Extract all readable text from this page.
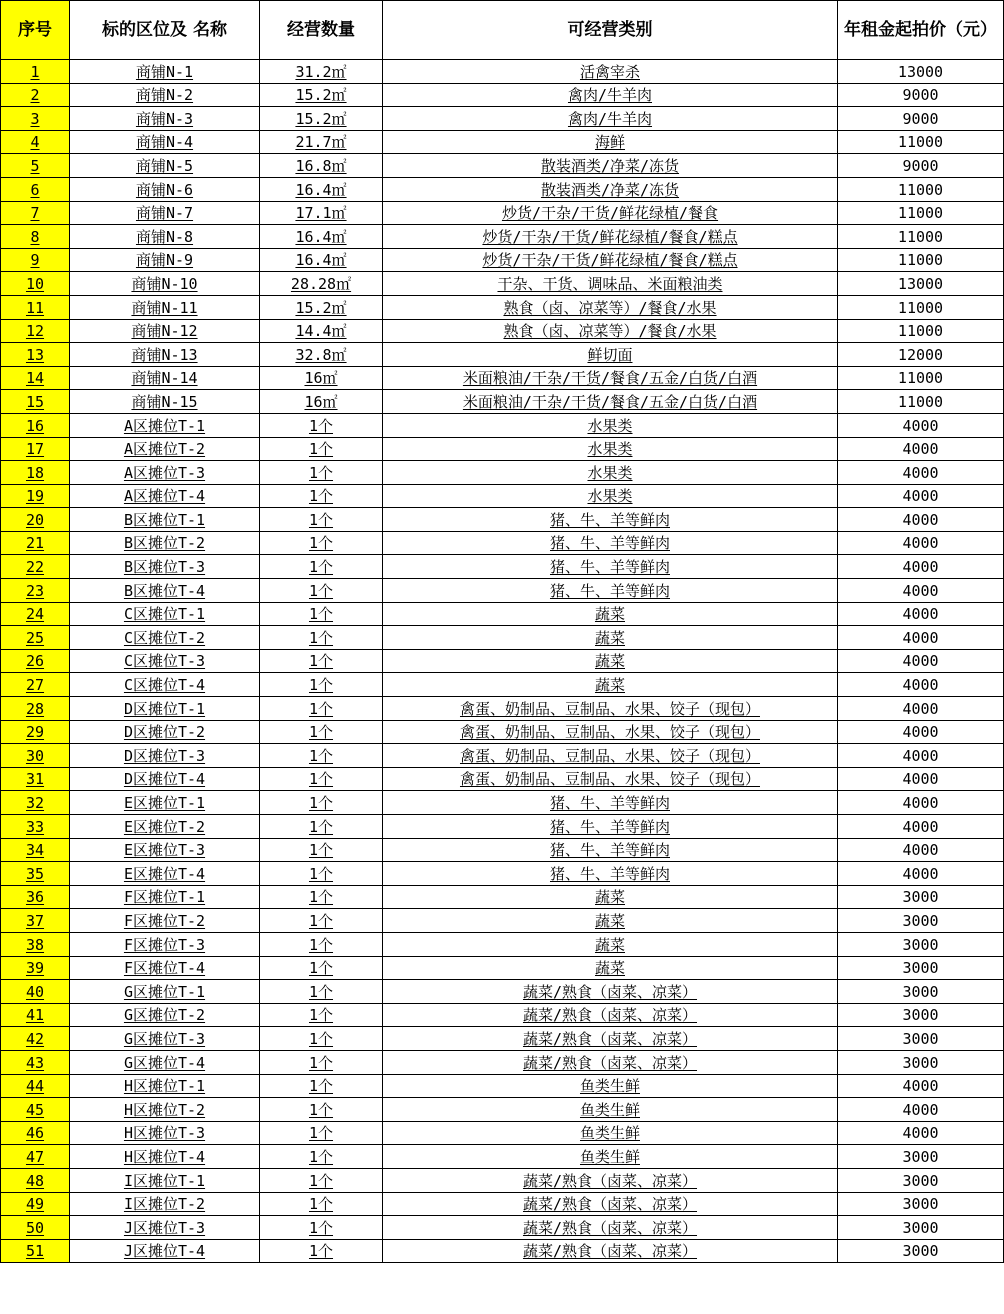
序号	标的区位及 名称	经营数量	可经营类别	年租金起拍价（元）
1	商铺N-1	31.2㎡	活禽宰杀	13000
2	商铺N-2	15.2㎡	禽肉/牛羊肉	9000
3	商铺N-3	15.2㎡	禽肉/牛羊肉	9000
4	商铺N-4	21.7㎡	海鲜	11000
5	商铺N-5	16.8㎡	散装酒类/净菜/冻货	9000
6	商铺N-6	16.4㎡	散装酒类/净菜/冻货	11000
7	商铺N-7	17.1㎡	炒货/干杂/干货/鲜花绿植/餐食	11000
8	商铺N-8	16.4㎡	炒货/干杂/干货/鲜花绿植/餐食/糕点	11000
9	商铺N-9	16.4㎡	炒货/干杂/干货/鲜花绿植/餐食/糕点	11000
10	商铺N-10	28.28㎡	干杂、干货、调味品、米面粮油类	13000
11	商铺N-11	15.2㎡	熟食（卤、凉菜等）/餐食/水果	11000
12	商铺N-12	14.4㎡	熟食（卤、凉菜等）/餐食/水果	11000
13	商铺N-13	32.8㎡	鲜切面	12000
14	商铺N-14	16㎡	米面粮油/干杂/干货/餐食/五金/白货/白酒	11000
15	商铺N-15	16㎡	米面粮油/干杂/干货/餐食/五金/白货/白酒	11000
16	A区摊位T-1	1个	水果类	4000
17	A区摊位T-2	1个	水果类	4000
18	A区摊位T-3	1个	水果类	4000
19	A区摊位T-4	1个	水果类	4000
20	B区摊位T-1	1个	猪、牛、羊等鲜肉	4000
21	B区摊位T-2	1个	猪、牛、羊等鲜肉	4000
22	B区摊位T-3	1个	猪、牛、羊等鲜肉	4000
23	B区摊位T-4	1个	猪、牛、羊等鲜肉	4000
24	C区摊位T-1	1个	蔬菜	4000
25	C区摊位T-2	1个	蔬菜	4000
26	C区摊位T-3	1个	蔬菜	4000
27	C区摊位T-4	1个	蔬菜	4000
28	D区摊位T-1	1个	禽蛋、奶制品、豆制品、水果、饺子（现包）	4000
29	D区摊位T-2	1个	禽蛋、奶制品、豆制品、水果、饺子（现包）	4000
30	D区摊位T-3	1个	禽蛋、奶制品、豆制品、水果、饺子（现包）	4000
31	D区摊位T-4	1个	禽蛋、奶制品、豆制品、水果、饺子（现包）	4000
32	E区摊位T-1	1个	猪、牛、羊等鲜肉	4000
33	E区摊位T-2	1个	猪、牛、羊等鲜肉	4000
34	E区摊位T-3	1个	猪、牛、羊等鲜肉	4000
35	E区摊位T-4	1个	猪、牛、羊等鲜肉	4000
36	F区摊位T-1	1个	蔬菜	3000
37	F区摊位T-2	1个	蔬菜	3000
38	F区摊位T-3	1个	蔬菜	3000
39	F区摊位T-4	1个	蔬菜	3000
40	G区摊位T-1	1个	蔬菜/熟食（卤菜、凉菜）	3000
41	G区摊位T-2	1个	蔬菜/熟食（卤菜、凉菜）	3000
42	G区摊位T-3	1个	蔬菜/熟食（卤菜、凉菜）	3000
43	G区摊位T-4	1个	蔬菜/熟食（卤菜、凉菜）	3000
44	H区摊位T-1	1个	鱼类生鲜	4000
45	H区摊位T-2	1个	鱼类生鲜	4000
46	H区摊位T-3	1个	鱼类生鲜	4000
47	H区摊位T-4	1个	鱼类生鲜	3000
48	I区摊位T-1	1个	蔬菜/熟食（卤菜、凉菜）	3000
49	I区摊位T-2	1个	蔬菜/熟食（卤菜、凉菜）	3000
50	J区摊位T-3	1个	蔬菜/熟食（卤菜、凉菜）	3000
51	J区摊位T-4	1个	蔬菜/熟食（卤菜、凉菜）	3000
